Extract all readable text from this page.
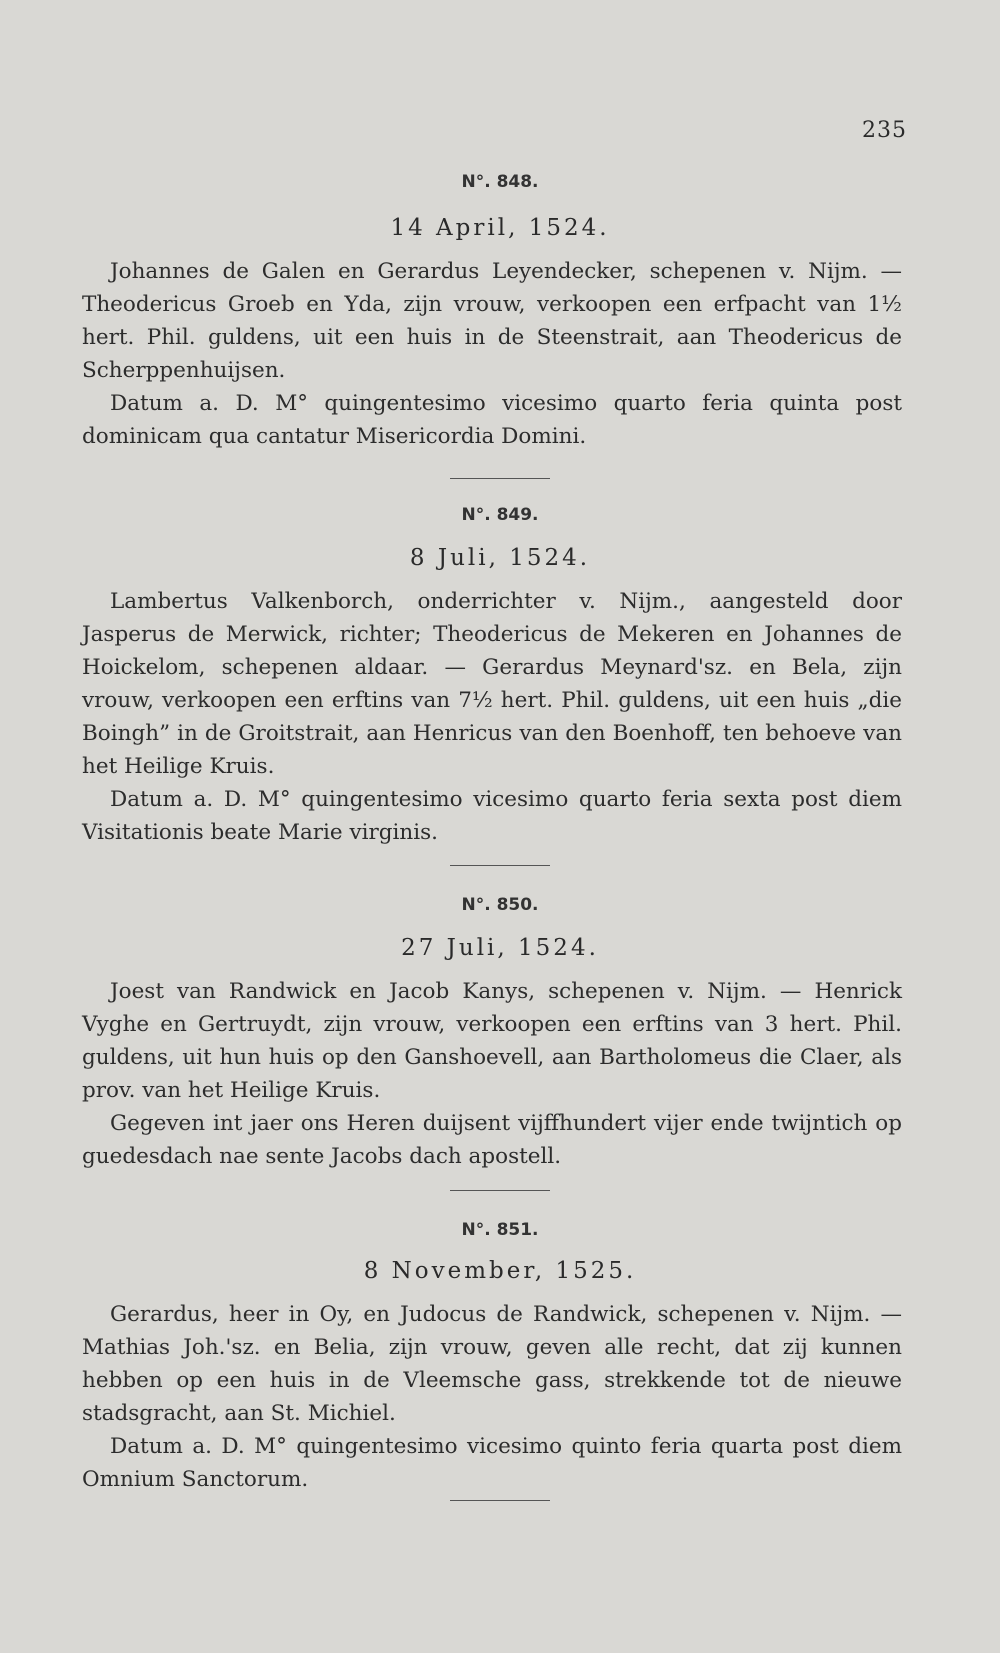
235
N°. 848.
14 April, 1524.

Johannes de Galen en Gerardus Leyendecker, schepenen v. Nijm. — Theodericus Groeb en Yda, zijn vrouw, verkoopen een erfpacht van 1½ hert. Phil. guldens, uit een huis in de Steenstrait, aan Theodericus de Scherppenhuijsen.

Datum a. D. M° quingentesimo vicesimo quarto feria quinta post dominicam qua cantatur Misericordia Domini.

N°. 849.
8 Juli, 1524.

Lambertus Valkenborch, onderrichter v. Nijm., aangesteld door Jasperus de Merwick, richter; Theodericus de Mekeren en Johannes de Hoickelom, schepenen aldaar. — Gerardus Meynard'sz. en Bela, zijn vrouw, verkoopen een erftins van 7½ hert. Phil. guldens, uit een huis „die Boingh” in de Groitstrait, aan Henricus van den Boenhoff, ten behoeve van het Heilige Kruis.

Datum a. D. M° quingentesimo vicesimo quarto feria sexta post diem Visitationis beate Marie virginis.

N°. 850.
27 Juli, 1524.

Joest van Randwick en Jacob Kanys, schepenen v. Nijm. — Henrick Vyghe en Gertruydt, zijn vrouw, verkoopen een erftins van 3 hert. Phil. guldens, uit hun huis op den Ganshoevell, aan Bartholomeus die Claer, als prov. van het Heilige Kruis.

Gegeven int jaer ons Heren duijsent vijffhundert vijer ende twijntich op guedesdach nae sente Jacobs dach apostell.

N°. 851.
8 November, 1525.

Gerardus, heer in Oy, en Judocus de Randwick, schepenen v. Nijm. — Mathias Joh.'sz. en Belia, zijn vrouw, geven alle recht, dat zij kunnen hebben op een huis in de Vleemsche gass, strekkende tot de nieuwe stadsgracht, aan St. Michiel.

Datum a. D. M° quingentesimo vicesimo quinto feria quarta post diem Omnium Sanctorum.
